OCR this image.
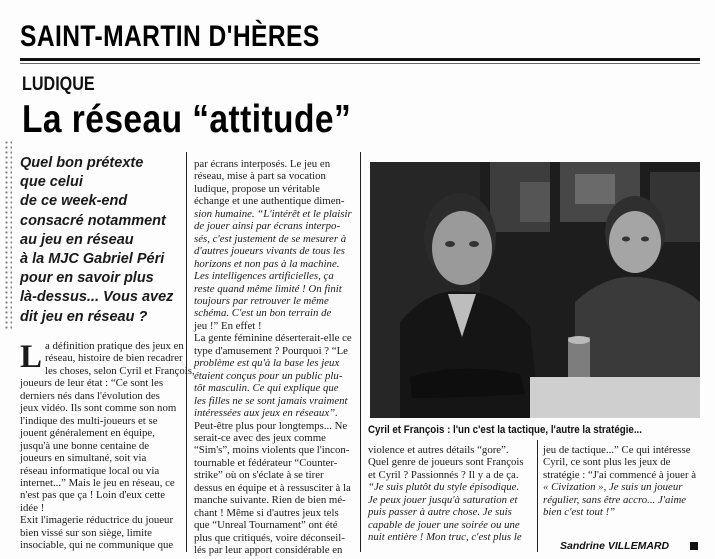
SAINT-MARTIN D'HÈRES
LUDIQUE
La réseau “attitude”
Quel bon prétexte
que celui
de ce week-end
consacré notamment
au jeu en réseau
à la MJC Gabriel Péri
pour en savoir plus
là-dessus... Vous avez
dit jeu en réseau ?
L a définition pratique des jeux en
réseau, histoire de bien recadrer
les choses, selon Cyril et François,
joueurs de leur état : “Ce sont les
derniers nés dans l'évolution des
jeux vidéo. Ils sont comme son nom
l'indique des multi-joueurs et se
jouent généralement en équipe,
jusqu'à une bonne centaine de
joueurs en simultané, soit via
réseau informatique local ou via
internet...” Mais le jeu en réseau, ce
n'est pas que ça ! Loin d'eux cette
idée !
Exit l'imagerie réductrice du joueur
bien vissé sur son siège, limite
insociable, qui ne communique que
par écrans interposés. Le jeu en
réseau, mise à part sa vocation
ludique, propose un véritable
échange et une authentique dimen-
sion humaine. “L'intérêt et le plaisir
de jouer ainsi par écrans interpo-
sés, c'est justement de se mesurer à
d'autres joueurs vivants de tous les
horizons et non pas à la machine.
Les intelligences artificielles, ça
reste quand même limité ! On finit
toujours par retrouver le même
schéma. C'est un bon terrain de
jeu !” En effet !
La gente féminine déserterait-elle ce
type d'amusement ? Pourquoi ? “Le
problème est qu'à la base les jeux
étaient conçus pour un public plu-
tôt masculin. Ce qui explique que
les filles ne se sont jamais vraiment
intéressées aux jeux en réseaux”.
Peut-être plus pour longtemps... Ne
serait-ce avec des jeux comme
“Sim's”, moins violents que l'incon-
tournable et fédérateur “Counter-
strike” où on s'éclate à se tirer
dessus en équipe et à ressusciter à la
manche suivante. Rien de bien mé-
chant ! Même si d'autres jeux tels
que “Unreal Tournament” ont été
plus que critiqués, voire déconseil-
lés par leur apport considérable en
Cyril et François : l'un c'est la tactique, l'autre la stratégie...
violence et autres détails “gore”.
Quel genre de joueurs sont François
et Cyril ? Passionnés ? Il y a de ça.
“Je suis plutôt du style épisodique.
Je peux jouer jusqu'à saturation et
puis passer à autre chose. Je suis
capable de jouer une soirée ou une
nuit entière ! Mon truc, c'est plus le
jeu de tactique...” Ce qui intéresse
Cyril, ce sont plus les jeux de
stratégie : “J'ai commencé à jouer à
« Civization », Je suis un joueur
régulier, sans être accro... J'aime
bien c'est tout !”
Sandrine VILLEMARD
